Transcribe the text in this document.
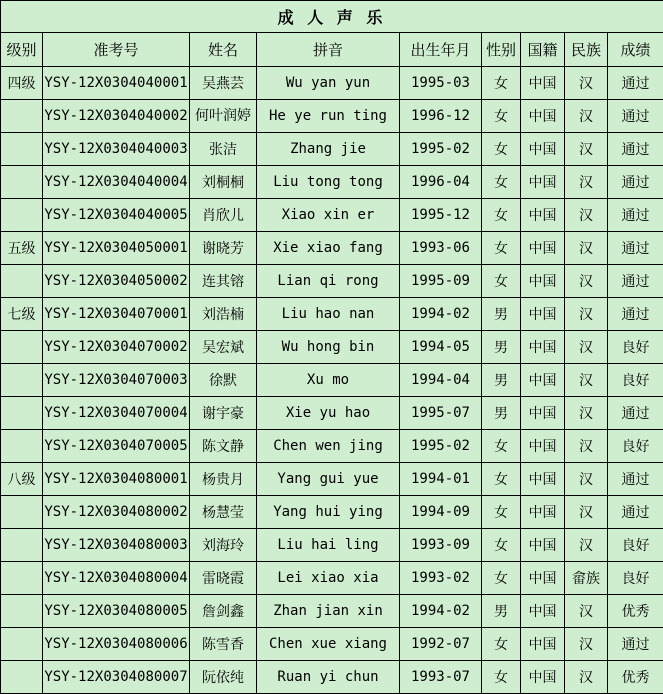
成 人 声 乐								
级别	准考号	姓名	拼音	出生年月	性别	国籍	民族	成绩
四级	YSY-12X0304040001	吴燕芸	Wu yan yun	1995-03	女	中国	汉	通过
	YSY-12X0304040002	何叶润婷	He ye run ting	1996-12	女	中国	汉	通过
	YSY-12X0304040003	张洁	Zhang jie	1995-02	女	中国	汉	通过
	YSY-12X0304040004	刘桐桐	Liu tong tong	1996-04	女	中国	汉	通过
	YSY-12X0304040005	肖欣儿	Xiao xin er	1995-12	女	中国	汉	通过
五级	YSY-12X0304050001	谢晓芳	Xie xiao fang	1993-06	女	中国	汉	通过
	YSY-12X0304050002	连其镕	Lian qi rong	1995-09	女	中国	汉	通过
七级	YSY-12X0304070001	刘浩楠	Liu hao nan	1994-02	男	中国	汉	通过
	YSY-12X0304070002	吴宏斌	Wu hong bin	1994-05	男	中国	汉	良好
	YSY-12X0304070003	徐默	Xu mo	1994-04	男	中国	汉	良好
	YSY-12X0304070004	谢宇豪	Xie yu hao	1995-07	男	中国	汉	通过
	YSY-12X0304070005	陈文静	Chen wen jing	1995-02	女	中国	汉	良好
八级	YSY-12X0304080001	杨贵月	Yang gui yue	1994-01	女	中国	汉	通过
	YSY-12X0304080002	杨慧莹	Yang hui ying	1994-09	女	中国	汉	通过
	YSY-12X0304080003	刘海玲	Liu hai ling	1993-09	女	中国	汉	良好
	YSY-12X0304080004	雷晓霞	Lei xiao xia	1993-02	女	中国	畲族	良好
	YSY-12X0304080005	詹剑鑫	Zhan jian xin	1994-02	男	中国	汉	优秀
	YSY-12X0304080006	陈雪香	Chen xue xiang	1992-07	女	中国	汉	通过
	YSY-12X0304080007	阮依纯	Ruan yi chun	1993-07	女	中国	汉	优秀
